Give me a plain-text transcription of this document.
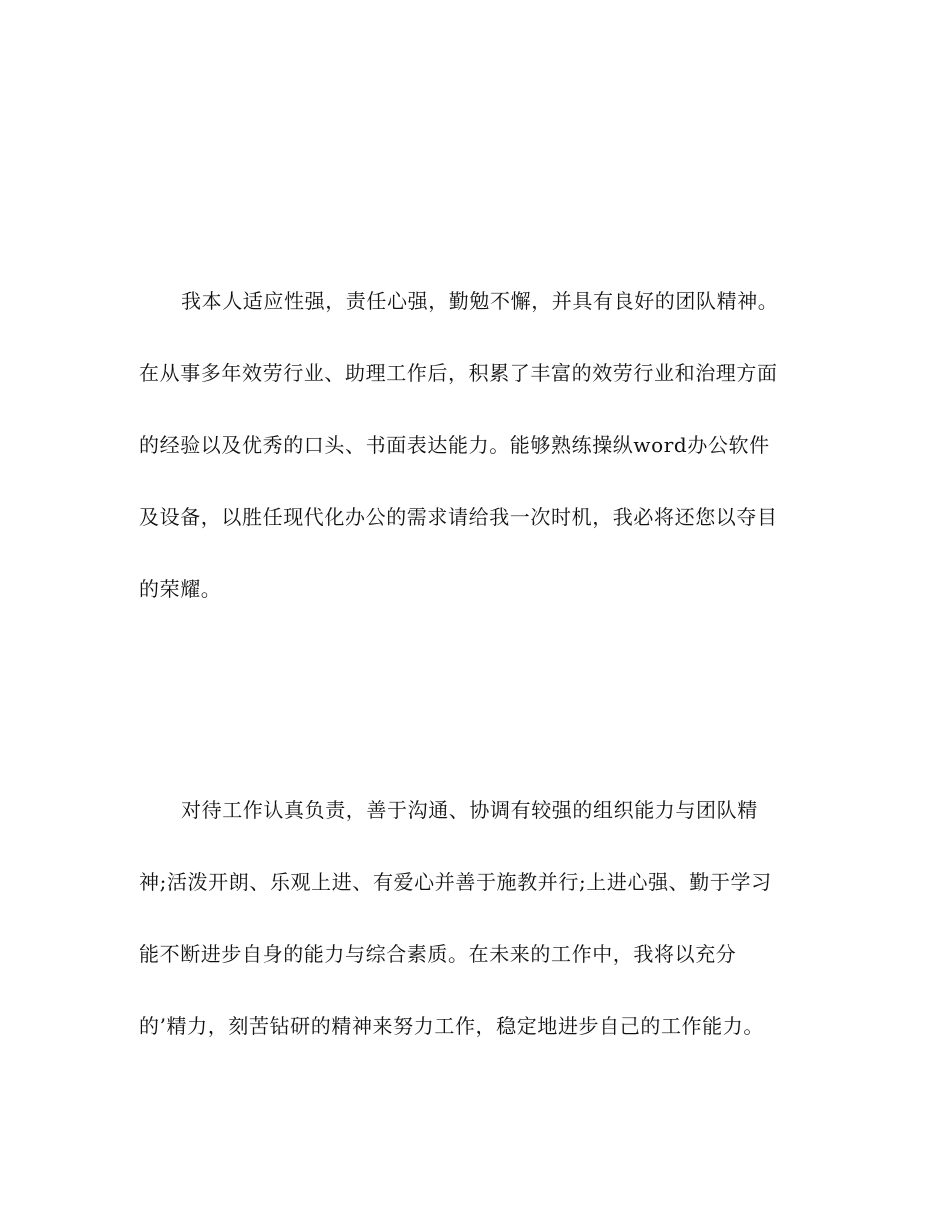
我本人适应性强，责任心强，勤勉不懈，并具有良好的团队精神。
在从事多年效劳行业、助理工作后，积累了丰富的效劳行业和治理方面
的经验以及优秀的口头、书面表达能力。能够熟练操纵word办公软件
及设备，以胜任现代化办公的需求请给我一次时机，我必将还您以夺目
的荣耀。
对待工作认真负责，善于沟通、协调有较强的组织能力与团队精
神;活泼开朗、乐观上进、有爱心并善于施教并行;上进心强、勤于学习
能不断进步自身的能力与综合素质。在未来的工作中，我将以充分
的’精力，刻苦钻研的精神来努力工作，稳定地进步自己的工作能力。
